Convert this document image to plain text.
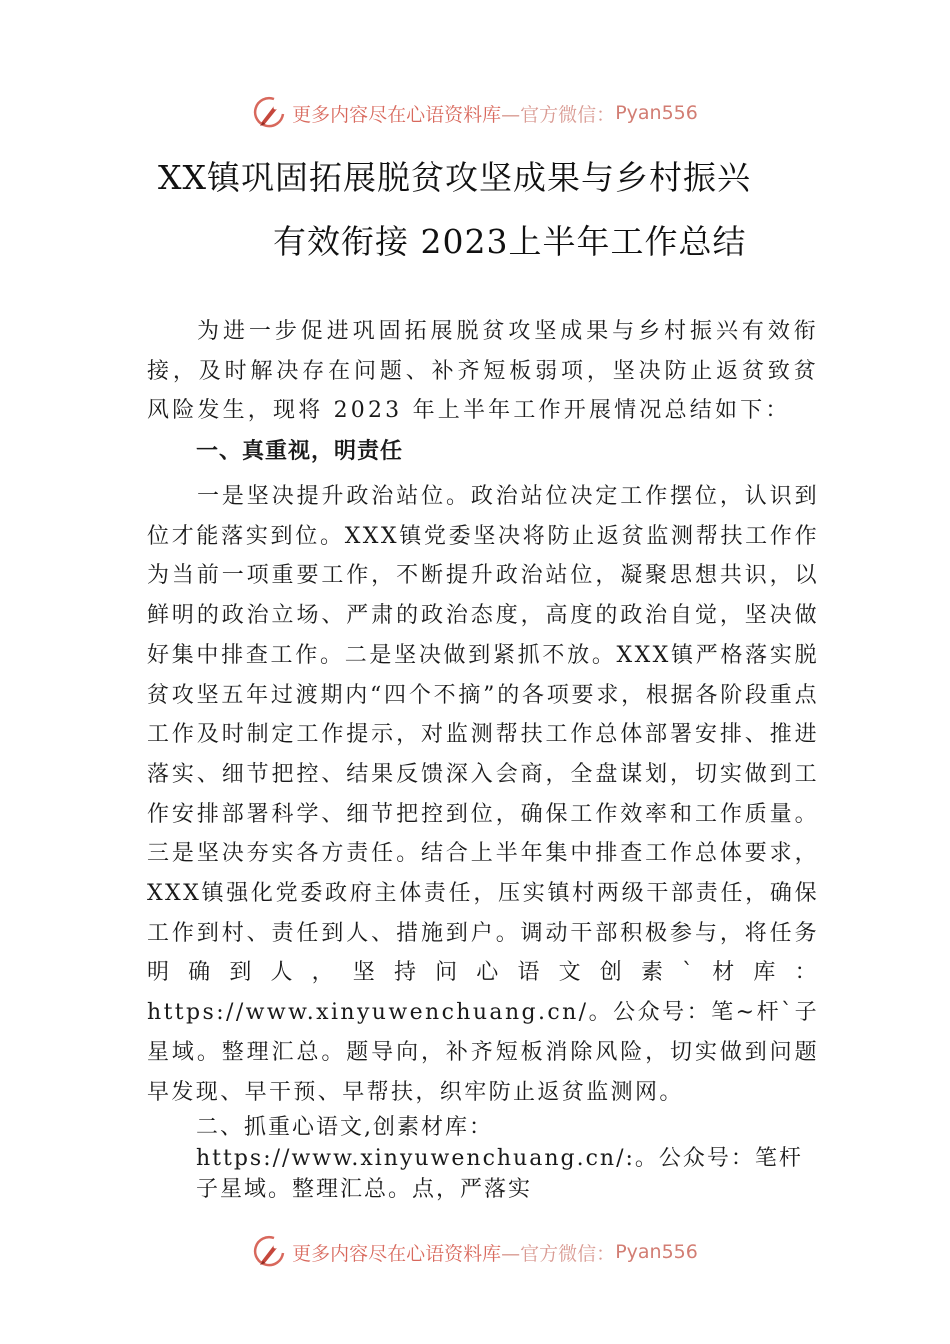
更多内容尽在心语资料库 —官方微信： Pyan556
XX镇巩固拓展脱贫攻坚成果与乡村振兴
有效衔接 2023上半年工作总结

为进一步促进巩固拓展脱贫攻坚成果与乡村振兴有效衔接，及时解决存在问题、补齐短板弱项，坚决防止返贫致贫风险发生，现将 2023 年上半年工作开展情况总结如下：

一、真重视，明责任

一是坚决提升政治站位。政治站位决定工作摆位，认识到位才能落实到位。XXX镇党委坚决将防止返贫监测帮扶工作作为当前一项重要工作，不断提升政治站位，凝聚思想共识，以鲜明的政治立场、严肃的政治态度，高度的政治自觉，坚决做好集中排查工作。二是坚决做到紧抓不放。XXX镇严格落实脱贫攻坚五年过渡期内“四个不摘”的各项要求，根据各阶段重点工作及时制定工作提示，对监测帮扶工作总体部署安排、推进落实、细节把控、结果反馈深入会商，全盘谋划，切实做到工作安排部署科学、细节把控到位，确保工作效率和工作质量。三是坚决夯实各方责任。结合上半年集中排查工作总体要求，XXX镇强化党委政府主体责任，压实镇村两级干部责任，确保工作到村、责任到人、措施到户。调动干部积极参与，将任务明确到人，坚持问心语文创素`材库：https://www.xinyuwenchuang.cn/。公众号：笔~杆`子星域。整理汇总。题导向，补齐短板消除风险，切实做到问题早发现、早干预、早帮扶，织牢防止返贫监测网。

二、抓重心语文,创素材库：https://www.xinyuwenchuang.cn/:。公众号：笔杆子星域。整理汇总。点，严落实

更多内容尽在心语资料库 —官方微信： Pyan556
